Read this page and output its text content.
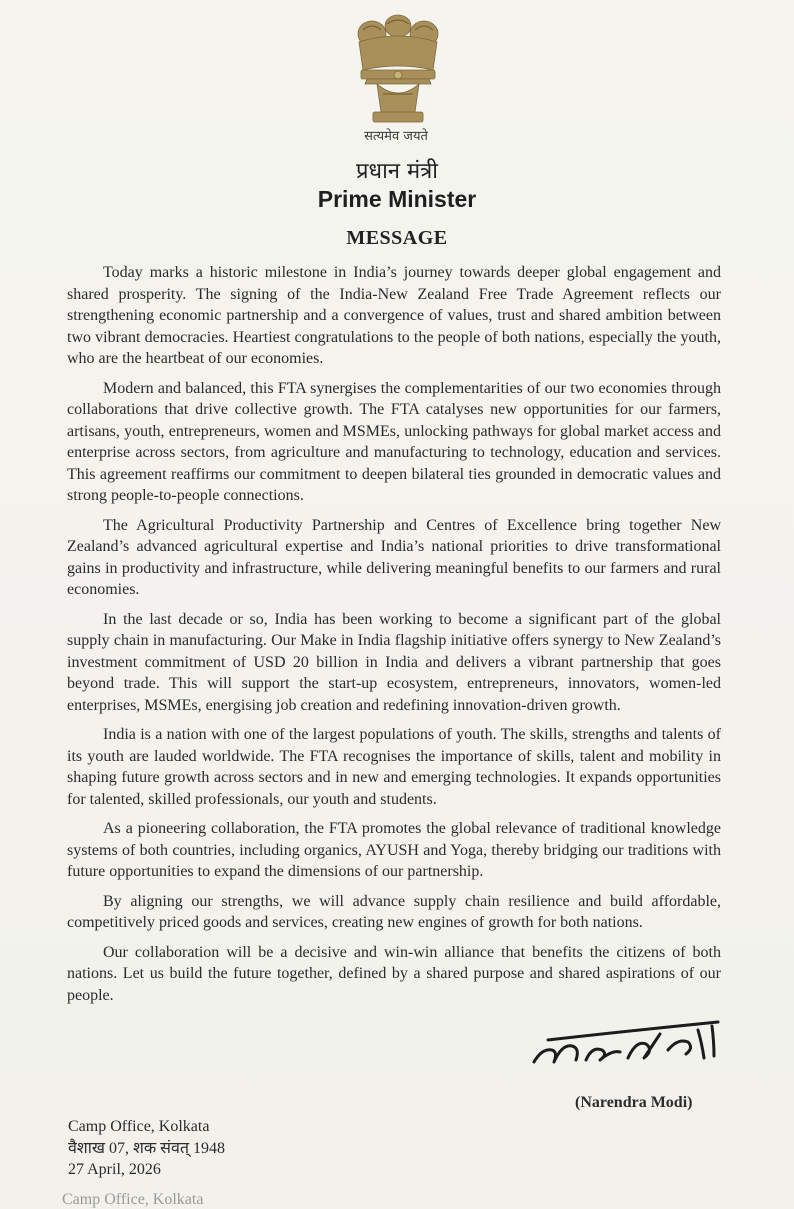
सत्यमेव जयते
प्रधान मंत्री
Prime Minister
MESSAGE

Today marks a historic milestone in India’s journey towards deeper global engagement and shared prosperity. The signing of the India-New Zealand Free Trade Agreement reflects our strengthening economic partnership and a convergence of values, trust and shared ambition between two vibrant democracies. Heartiest congratulations to the people of both nations, especially the youth, who are the heartbeat of our economies.

Modern and balanced, this FTA synergises the complementarities of our two economies through collaborations that drive collective growth. The FTA catalyses new opportunities for our farmers, artisans, youth, entrepreneurs, women and MSMEs, unlocking pathways for global market access and enterprise across sectors, from agriculture and manufacturing to technology, education and services. This agreement reaffirms our commitment to deepen bilateral ties grounded in democratic values and strong people-to-people connections.

The Agricultural Productivity Partnership and Centres of Excellence bring together New Zealand’s advanced agricultural expertise and India’s national priorities to drive transformational gains in productivity and infrastructure, while delivering meaningful benefits to our farmers and rural economies.

In the last decade or so, India has been working to become a significant part of the global supply chain in manufacturing. Our Make in India flagship initiative offers synergy to New Zealand’s investment commitment of USD 20 billion in India and delivers a vibrant partnership that goes beyond trade. This will support the start-up ecosystem, entrepreneurs, innovators, women-led enterprises, MSMEs, energising job creation and redefining innovation-driven growth.

India is a nation with one of the largest populations of youth. The skills, strengths and talents of its youth are lauded worldwide. The FTA recognises the importance of skills, talent and mobility in shaping future growth across sectors and in new and emerging technologies. It expands opportunities for talented, skilled professionals, our youth and students.

As a pioneering collaboration, the FTA promotes the global relevance of traditional knowledge systems of both countries, including organics, AYUSH and Yoga, thereby bridging our traditions with future opportunities to expand the dimensions of our partnership.

By aligning our strengths, we will advance supply chain resilience and build affordable, competitively priced goods and services, creating new engines of growth for both nations.

Our collaboration will be a decisive and win-win alliance that benefits the citizens of both nations. Let us build the future together, defined by a shared purpose and shared aspirations of our people.

(Narendra Modi)
Camp Office, Kolkata
वैशाख 07, शक संवत् 1948
27 April, 2026
Camp Office, Kolkata
